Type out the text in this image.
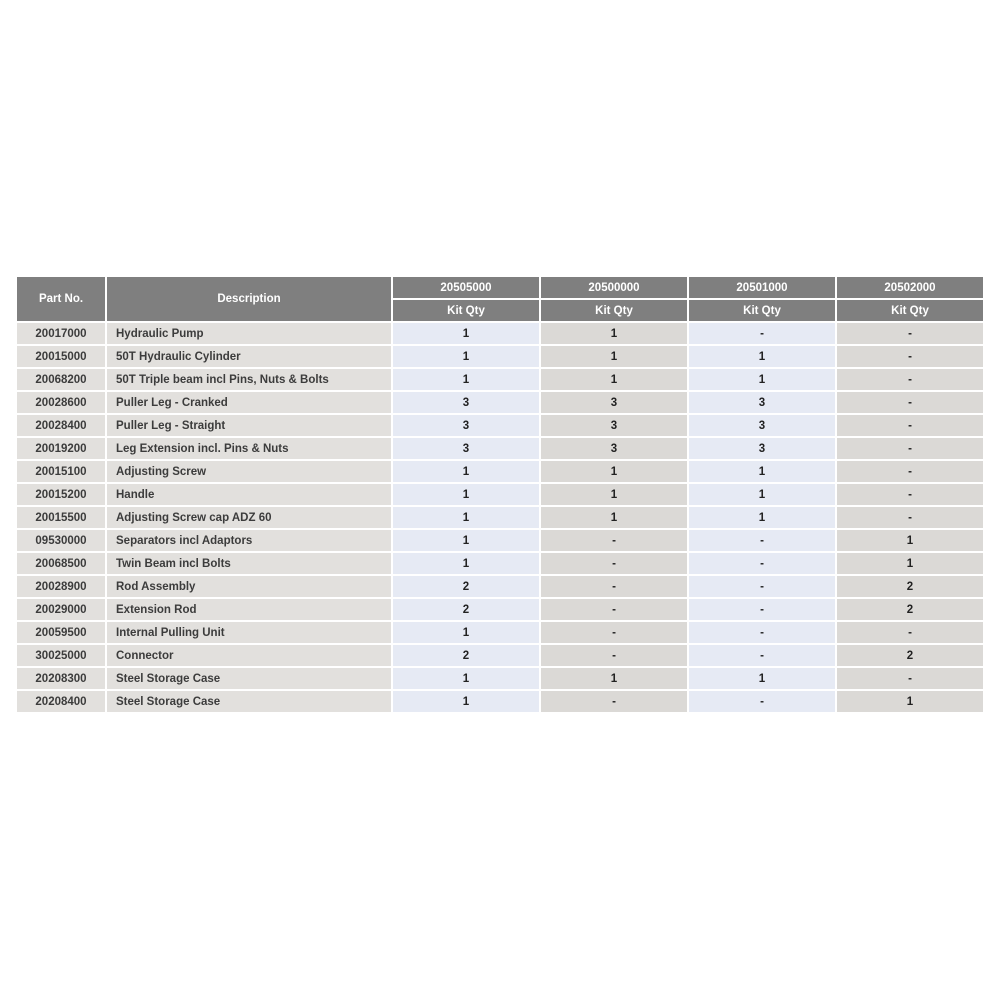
Part No.	Description	20505000	20500000	20501000	20502000
		Kit Qty	Kit Qty	Kit Qty	Kit Qty
20017000	Hydraulic Pump	1	1	-	-
20015000	50T Hydraulic Cylinder	1	1	1	-
20068200	50T Triple beam incl Pins, Nuts & Bolts	1	1	1	-
20028600	Puller Leg - Cranked	3	3	3	-
20028400	Puller Leg - Straight	3	3	3	-
20019200	Leg Extension incl. Pins & Nuts	3	3	3	-
20015100	Adjusting Screw	1	1	1	-
20015200	Handle	1	1	1	-
20015500	Adjusting Screw cap ADZ 60	1	1	1	-
09530000	Separators incl Adaptors	1	-	-	1
20068500	Twin Beam incl Bolts	1	-	-	1
20028900	Rod Assembly	2	-	-	2
20029000	Extension Rod	2	-	-	2
20059500	Internal Pulling Unit	1	-	-	-
30025000	Connector	2	-	-	2
20208300	Steel Storage Case	1	1	1	-
20208400	Steel Storage Case	1	-	-	1
